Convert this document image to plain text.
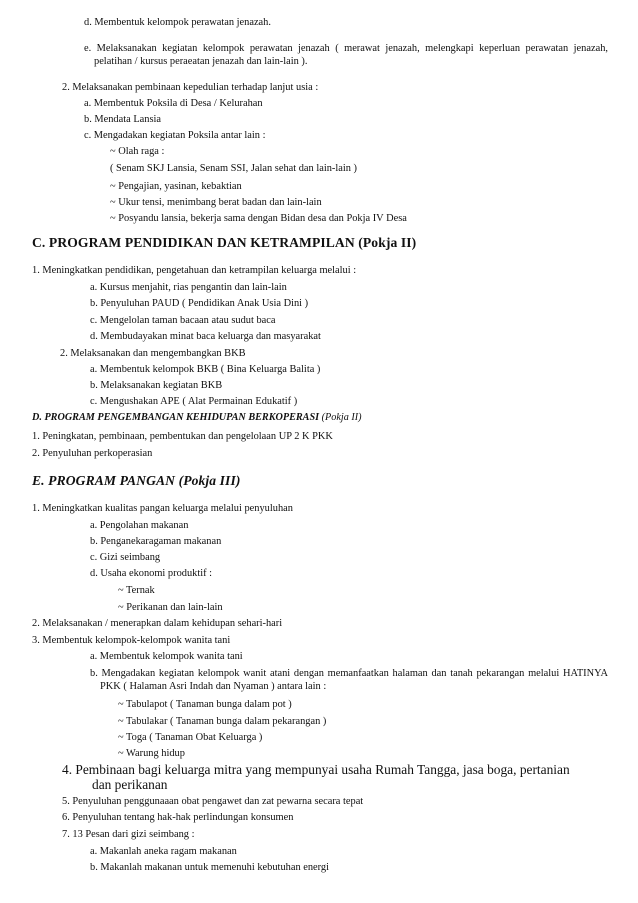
d. Membentuk kelompok perawatan jenazah.
e. Melaksanakan kegiatan kelompok perawatan jenazah ( merawat jenazah, melengkapi keperluan perawatan jenazah, pelatihan / kursus peraeatan jenazah dan lain-lain ).
2. Melaksanakan pembinaan kepedulian terhadap lanjut usia :
a. Membentuk Poksila di Desa / Kelurahan
b. Mendata Lansia
c. Mengadakan kegiatan Poksila antar lain :
~ Olah raga :
( Senam SKJ Lansia, Senam SSI, Jalan sehat dan lain-lain )
~ Pengajian, yasinan, kebaktian
~ Ukur tensi, menimbang berat badan dan lain-lain
~ Posyandu lansia, bekerja sama dengan Bidan desa dan Pokja IV Desa
C. PROGRAM PENDIDIKAN DAN KETRAMPILAN (Pokja II)
1. Meningkatkan pendidikan, pengetahuan dan ketrampilan keluarga melalui :
a. Kursus menjahit, rias pengantin dan lain-lain
b. Penyuluhan PAUD ( Pendidikan Anak Usia Dini )
c. Mengelolan taman bacaan atau sudut baca
d. Membudayakan minat baca keluarga dan masyarakat
2. Melaksanakan dan mengembangkan BKB
a. Membentuk kelompok BKB ( Bina Keluarga Balita )
b. Melaksanakan kegiatan BKB
c. Mengushakan APE ( Alat Permainan Edukatif )
D. PROGRAM PENGEMBANGAN KEHIDUPAN BERKOPERASI (Pokja II)
1. Peningkatan, pembinaan, pembentukan dan pengelolaan UP 2 K PKK
2. Penyuluhan perkoperasian
E. PROGRAM PANGAN (Pokja III)
1. Meningkatkan kualitas pangan keluarga melalui penyuluhan
a. Pengolahan makanan
b. Penganekaragaman makanan
c. Gizi seimbang
d. Usaha ekonomi produktif :
~ Ternak
~ Perikanan dan lain-lain
2. Melaksanakan / menerapkan dalam kehidupan sehari-hari
3. Membentuk kelompok-kelompok wanita tani
a. Membentuk kelompok wanita tani
b. Mengadakan kegiatan kelompok wanit atani dengan memanfaatkan halaman dan tanah pekarangan melalui HATINYA PKK ( Halaman Asri Indah dan Nyaman ) antara lain :
~ Tabulapot ( Tanaman bunga dalam pot )
~ Tabulakar ( Tanaman bunga dalam pekarangan )
~ Toga ( Tanaman Obat Keluarga )
~ Warung hidup
4. Pembinaan bagi keluarga mitra yang mempunyai usaha Rumah Tangga, jasa boga, pertanian dan perikanan
5. Penyuluhan penggunaaan obat pengawet dan zat pewarna secara tepat
6. Penyuluhan tentang hak-hak perlindungan konsumen
7. 13 Pesan dari gizi seimbang :
a. Makanlah aneka ragam makanan
b. Makanlah makanan untuk memenuhi kebutuhan energi
